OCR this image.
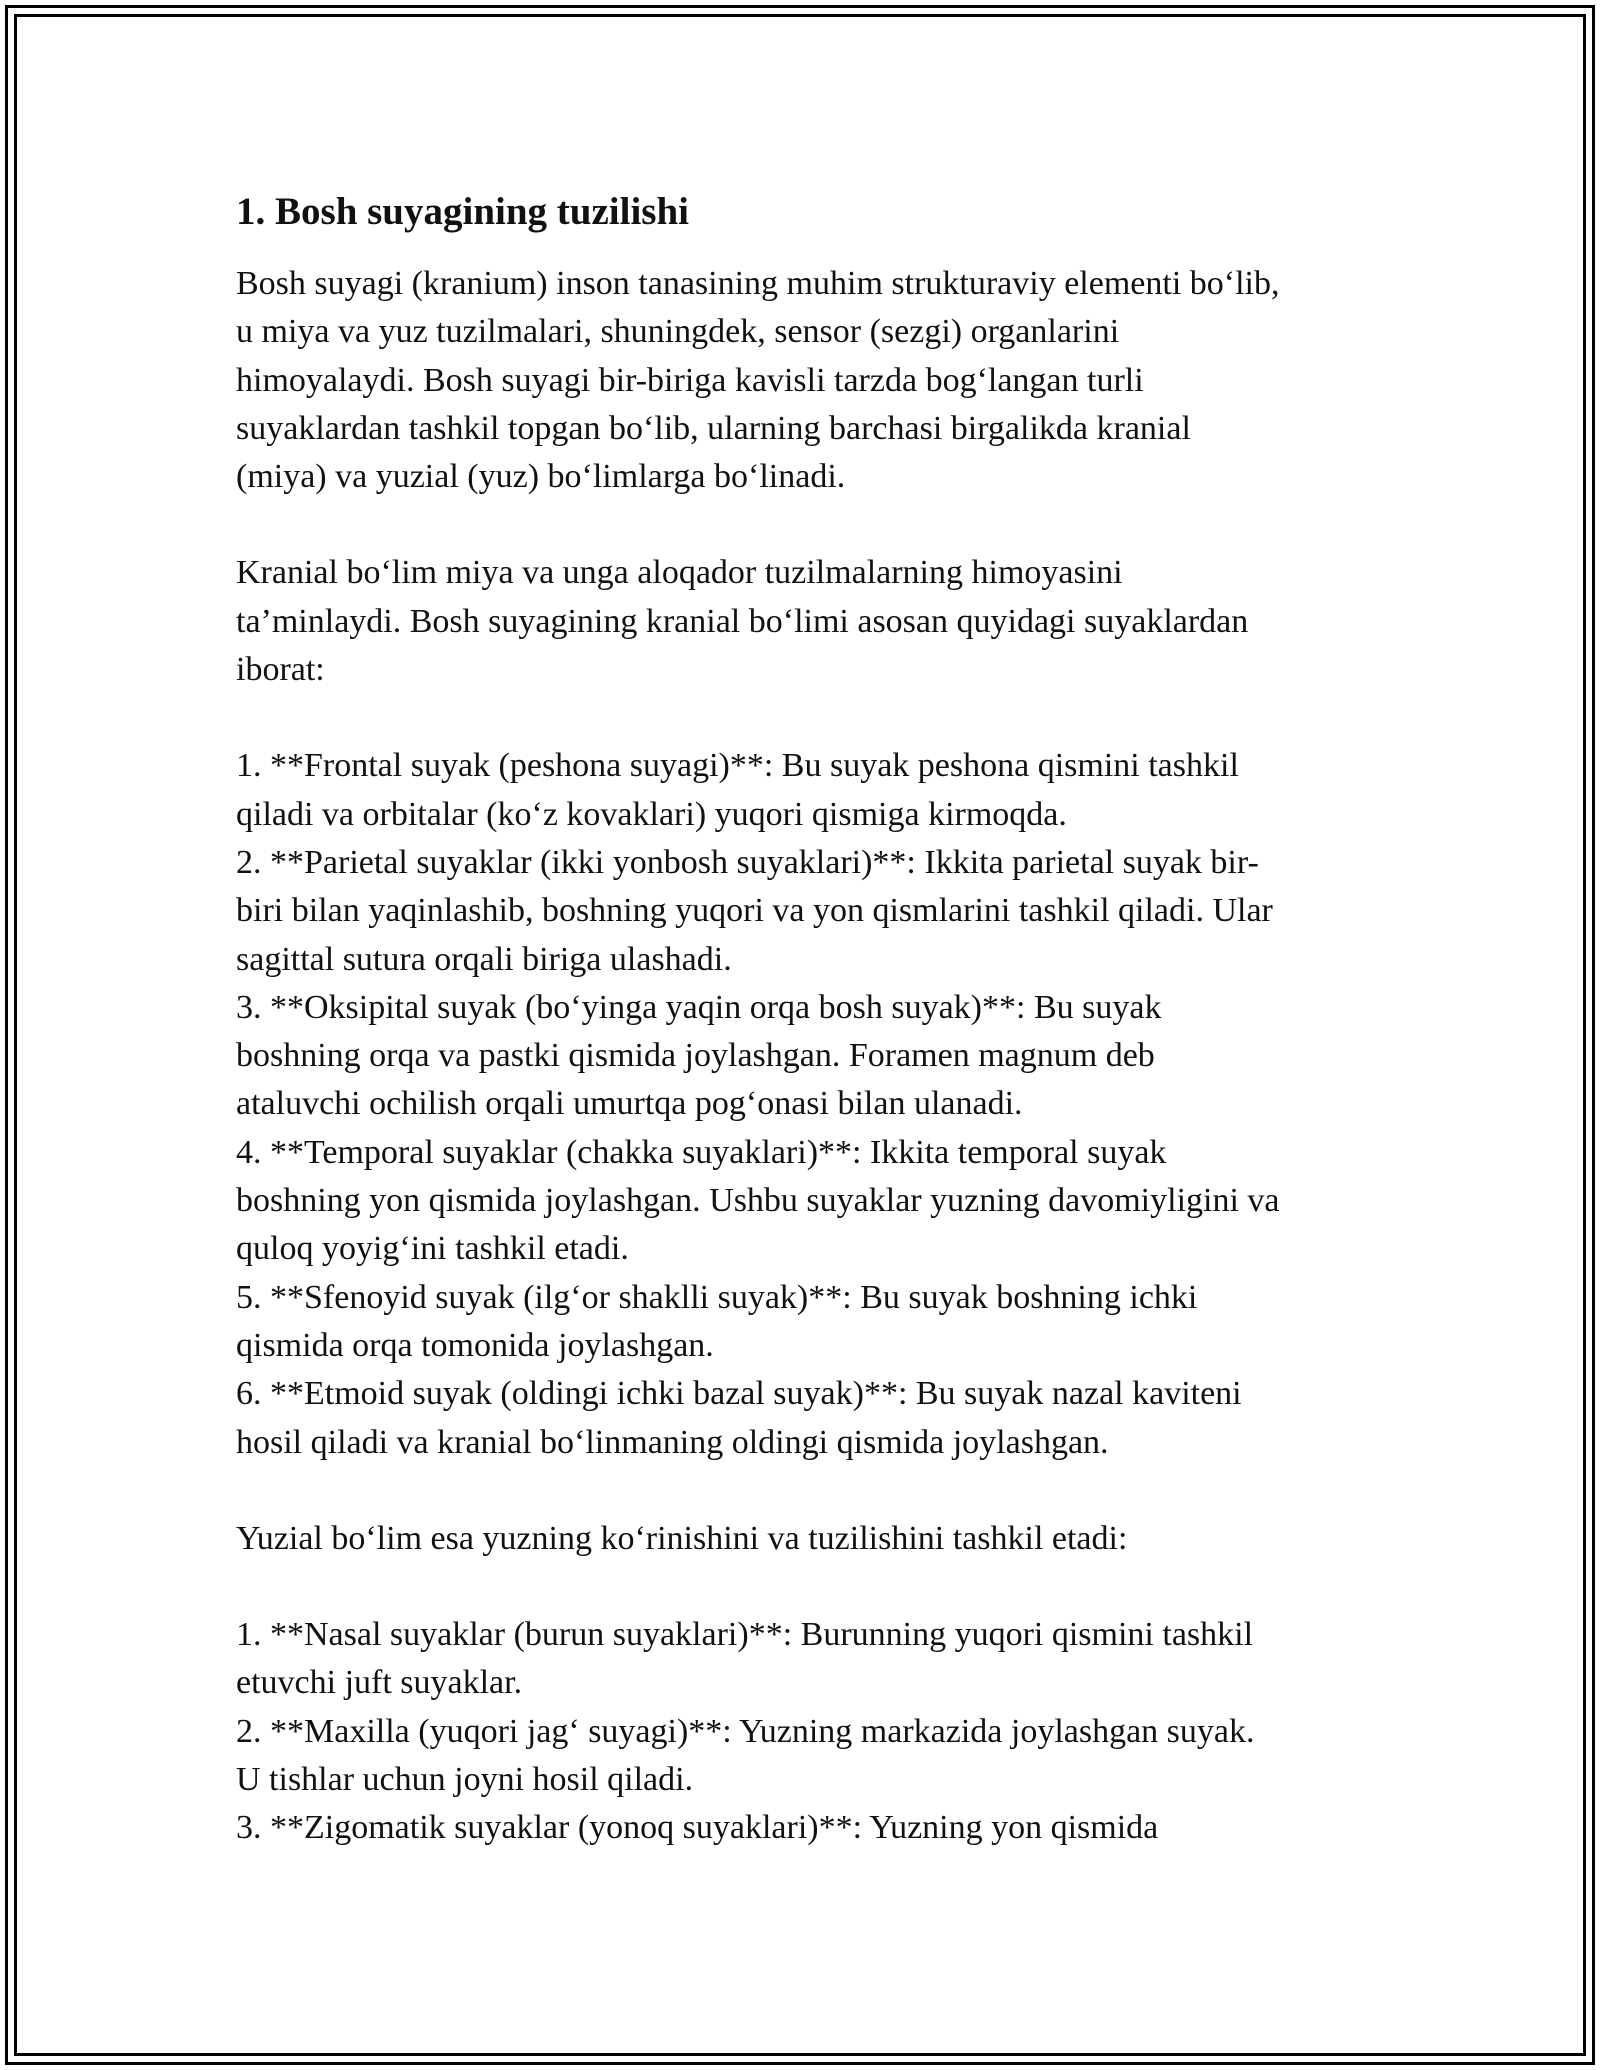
1. Bosh suyagining tuzilishi

Bosh suyagi (kranium) inson tanasining muhim strukturaviy elementi bo‘lib,
u miya va yuz tuzilmalari, shuningdek, sensor (sezgi) organlarini
himoyalaydi. Bosh suyagi bir-biriga kavisli tarzda bog‘langan turli
suyaklardan tashkil topgan bo‘lib, ularning barchasi birgalikda kranial
(miya) va yuzial (yuz) bo‘limlarga bo‘linadi.

Kranial bo‘lim miya va unga aloqador tuzilmalarning himoyasini
ta’minlaydi. Bosh suyagining kranial bo‘limi asosan quyidagi suyaklardan
iborat:

1. **Frontal suyak (peshona suyagi)**: Bu suyak peshona qismini tashkil
qiladi va orbitalar (ko‘z kovaklari) yuqori qismiga kirmoqda.

2. **Parietal suyaklar (ikki yonbosh suyaklari)**: Ikkita parietal suyak bir-
biri bilan yaqinlashib, boshning yuqori va yon qismlarini tashkil qiladi. Ular
sagittal sutura orqali biriga ulashadi.

3. **Oksipital suyak (bo‘yinga yaqin orqa bosh suyak)**: Bu suyak
boshning orqa va pastki qismida joylashgan. Foramen magnum deb
ataluvchi ochilish orqali umurtqa pog‘onasi bilan ulanadi.

4. **Temporal suyaklar (chakka suyaklari)**: Ikkita temporal suyak
boshning yon qismida joylashgan. Ushbu suyaklar yuzning davomiyligini va
quloq yoyig‘ini tashkil etadi.

5. **Sfenoyid suyak (ilg‘or shaklli suyak)**: Bu suyak boshning ichki
qismida orqa tomonida joylashgan.

6. **Etmoid suyak (oldingi ichki bazal suyak)**: Bu suyak nazal kaviteni
hosil qiladi va kranial bo‘linmaning oldingi qismida joylashgan.

Yuzial bo‘lim esa yuzning ko‘rinishini va tuzilishini tashkil etadi:

1. **Nasal suyaklar (burun suyaklari)**: Burunning yuqori qismini tashkil
etuvchi juft suyaklar.

2. **Maxilla (yuqori jag‘ suyagi)**: Yuzning markazida joylashgan suyak.
U tishlar uchun joyni hosil qiladi.

3. **Zigomatik suyaklar (yonoq suyaklari)**: Yuzning yon qismida
